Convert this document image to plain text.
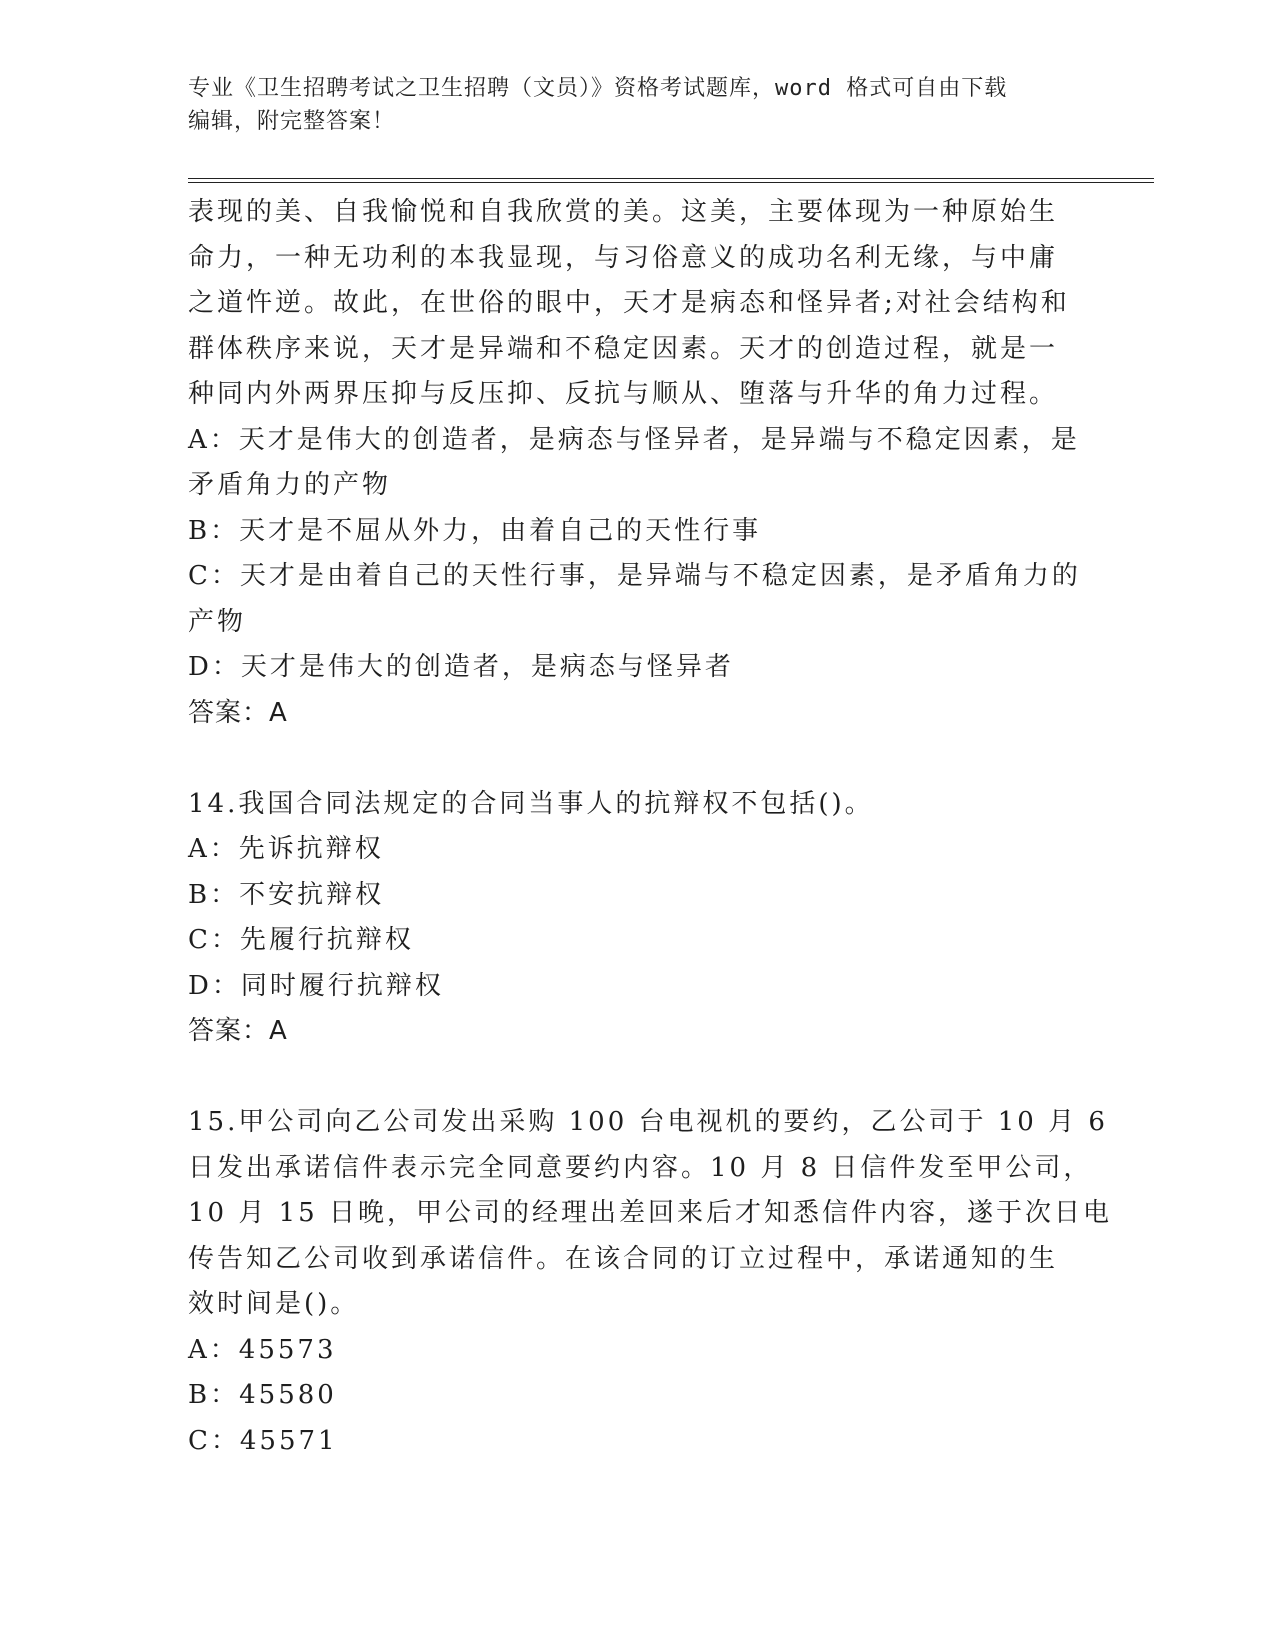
专业《卫生招聘考试之卫生招聘（文员）》资格考试题库，word 格式可自由下载
编辑，附完整答案！
表现的美、自我愉悦和自我欣赏的美。这美，主要体现为一种原始生
命力，一种无功利的本我显现，与习俗意义的成功名利无缘，与中庸
之道忤逆。故此，在世俗的眼中，天才是病态和怪异者;对社会结构和
群体秩序来说，天才是异端和不稳定因素。天才的创造过程，就是一
种同内外两界压抑与反压抑、反抗与顺从、堕落与升华的角力过程。
A：天才是伟大的创造者，是病态与怪异者，是异端与不稳定因素，是
矛盾角力的产物
B：天才是不屈从外力，由着自己的天性行事
C：天才是由着自己的天性行事，是异端与不稳定因素，是矛盾角力的
产物
D：天才是伟大的创造者，是病态与怪异者
答案：A
14.我国合同法规定的合同当事人的抗辩权不包括()。
A：先诉抗辩权
B：不安抗辩权
C：先履行抗辩权
D：同时履行抗辩权
答案：A
15.甲公司向乙公司发出采购 100 台电视机的要约，乙公司于 10 月 6
日发出承诺信件表示完全同意要约内容。10 月 8 日信件发至甲公司，
10 月 15 日晚，甲公司的经理出差回来后才知悉信件内容，遂于次日电
传告知乙公司收到承诺信件。在该合同的订立过程中，承诺通知的生
效时间是()。
A：45573
B：45580
C：45571
